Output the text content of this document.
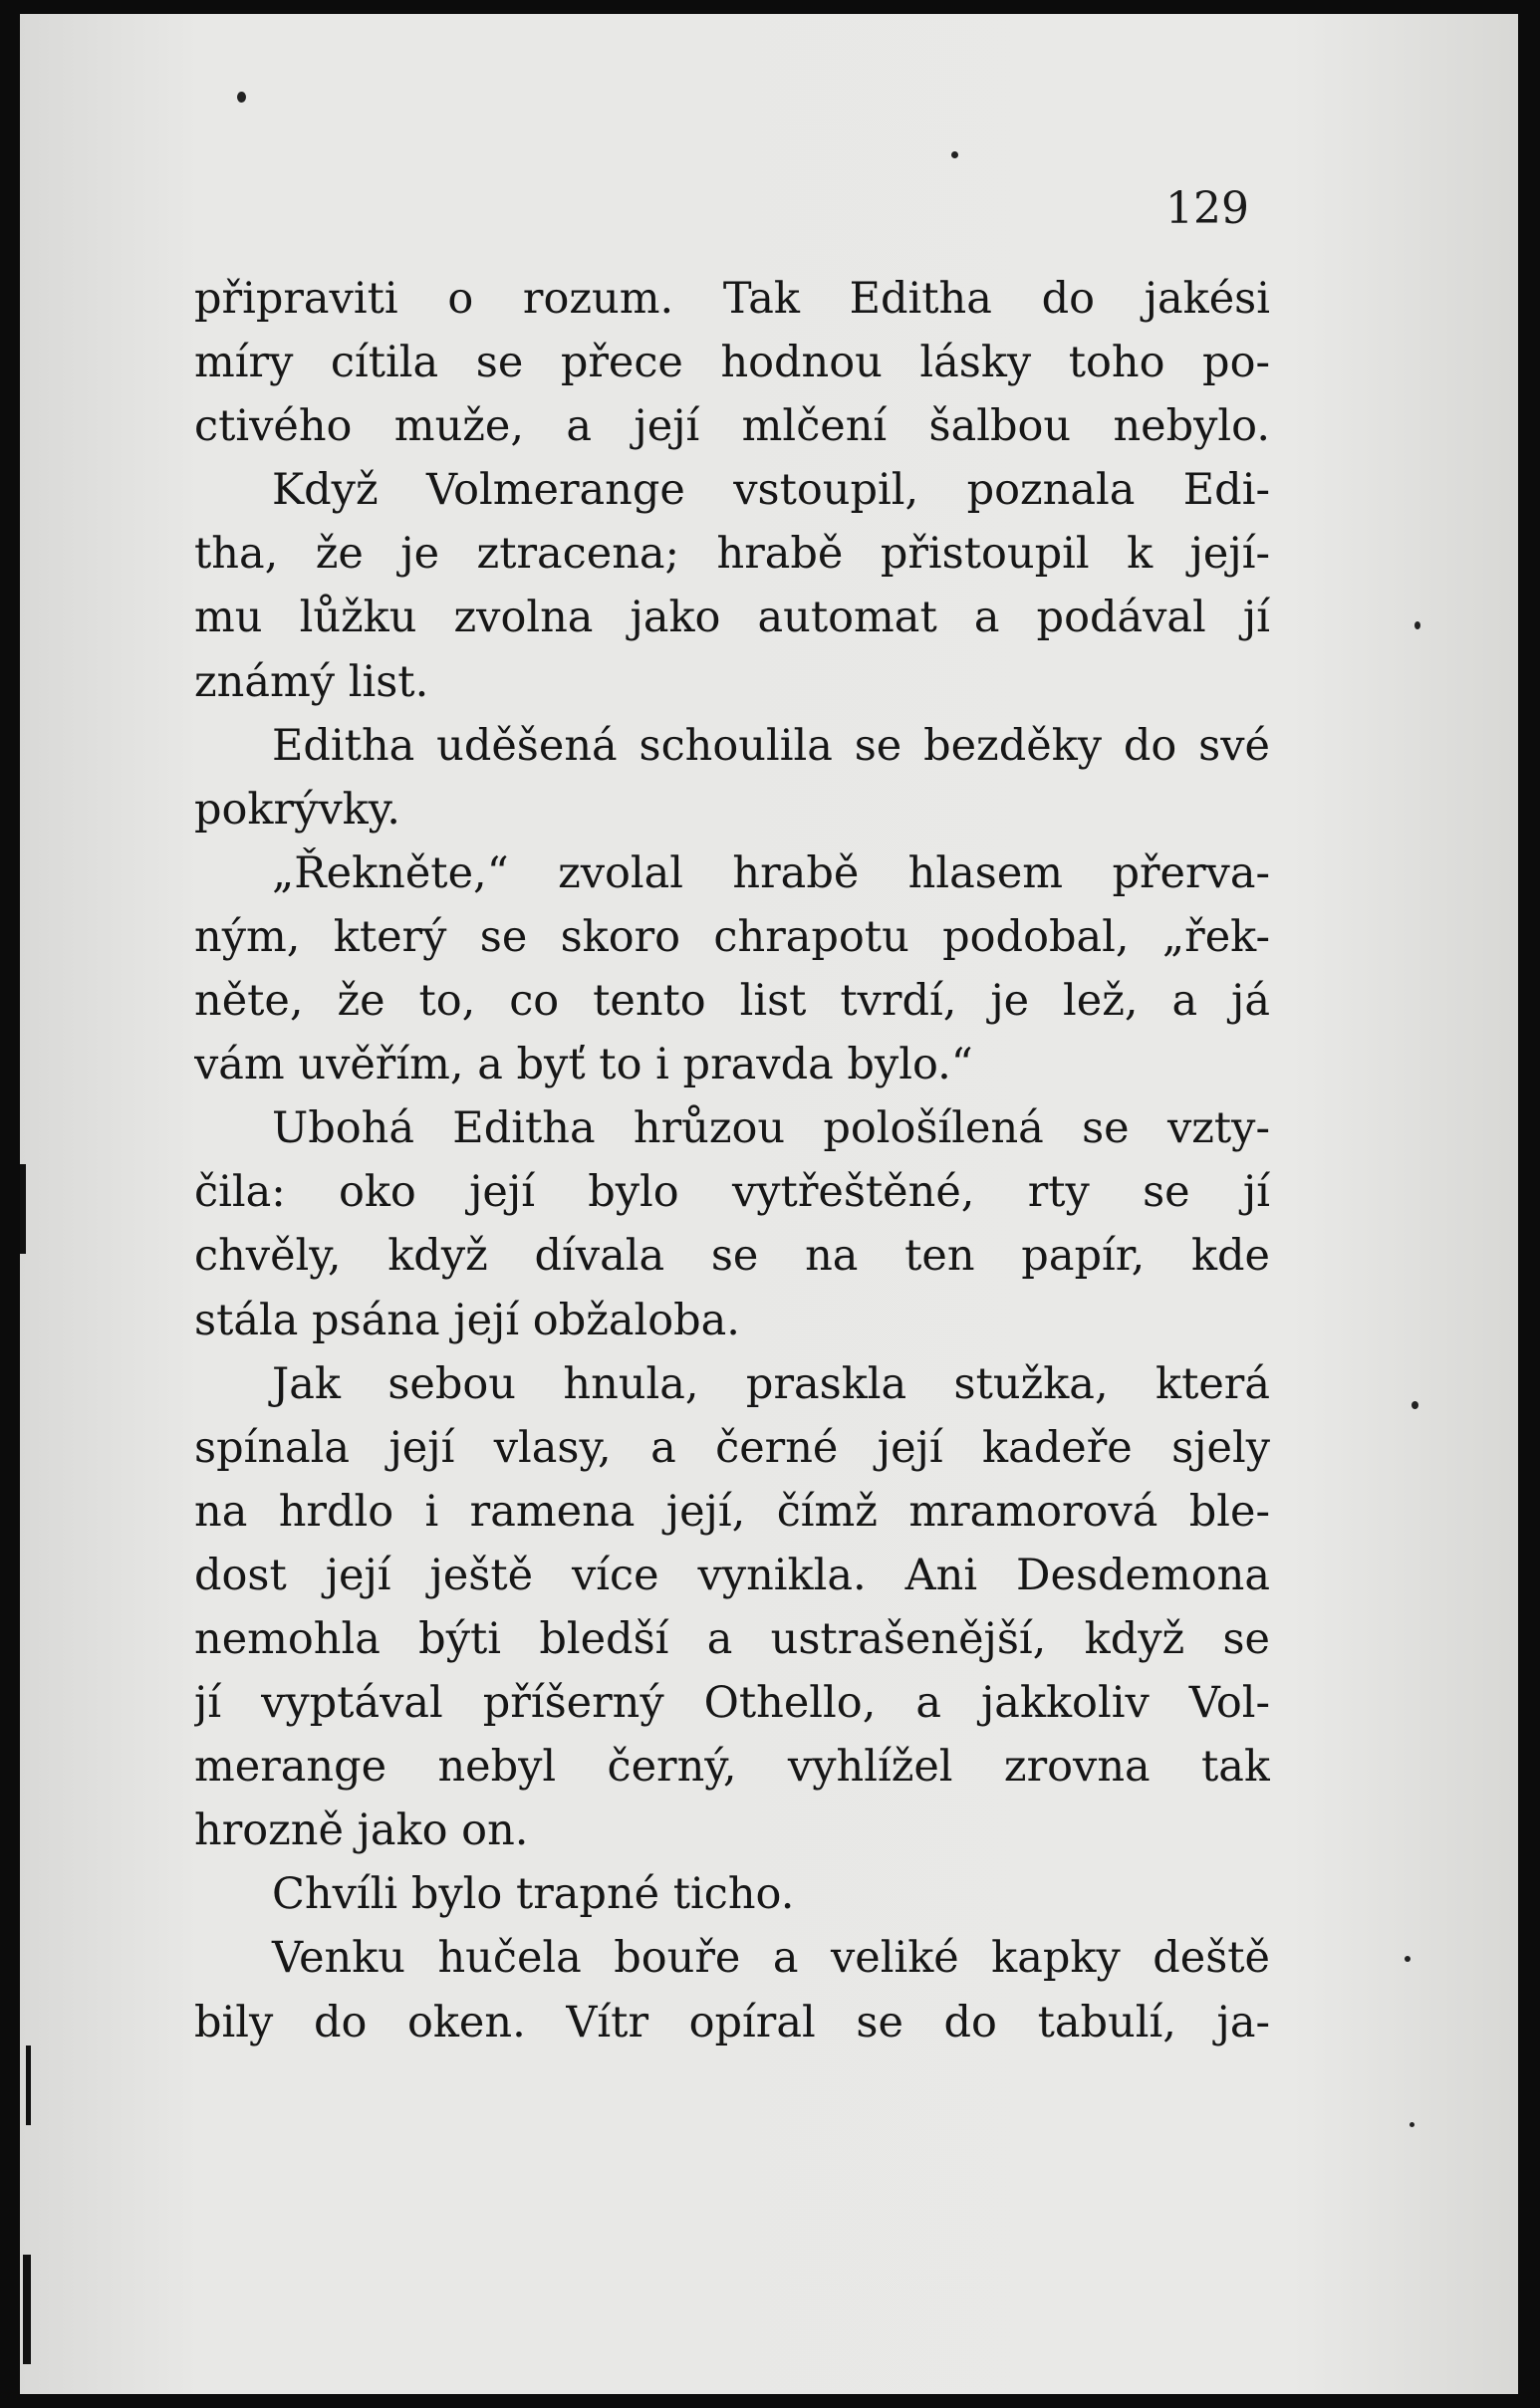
129
připraviti o rozum. Tak Editha do jakési
míry cítila se přece hodnou lásky toho po-
ctivého muže, a její mlčení šalbou nebylo.
Když Volmerange vstoupil, poznala Edi-
tha, že je ztracena; hrabě přistoupil k její-
mu lůžku zvolna jako automat a podával jí
známý list.
Editha uděšená schoulila se bezděky do své
pokrývky.
„Řekněte,“ zvolal hrabě hlasem přerva-
ným, který se skoro chrapotu podobal, „řek-
něte, že to, co tento list tvrdí, je lež, a já
vám uvěřím, a byť to i pravda bylo.“
Ubohá Editha hrůzou pološílená se vzty-
čila: oko její bylo vytřeštěné, rty se jí
chvěly, když dívala se na ten papír, kde
stála psána její obžaloba.
Jak sebou hnula, praskla stužka, která
spínala její vlasy, a černé její kadeře sjely
na hrdlo i ramena její, čímž mramorová ble-
dost její ještě více vynikla. Ani Desdemona
nemohla býti bledší a ustrašenější, když se
jí vyptával příšerný Othello, a jakkoliv Vol-
merange nebyl černý, vyhlížel zrovna tak
hrozně jako on.
Chvíli bylo trapné ticho.
Venku hučela bouře a veliké kapky deště
bily do oken. Vítr opíral se do tabulí, ja-
